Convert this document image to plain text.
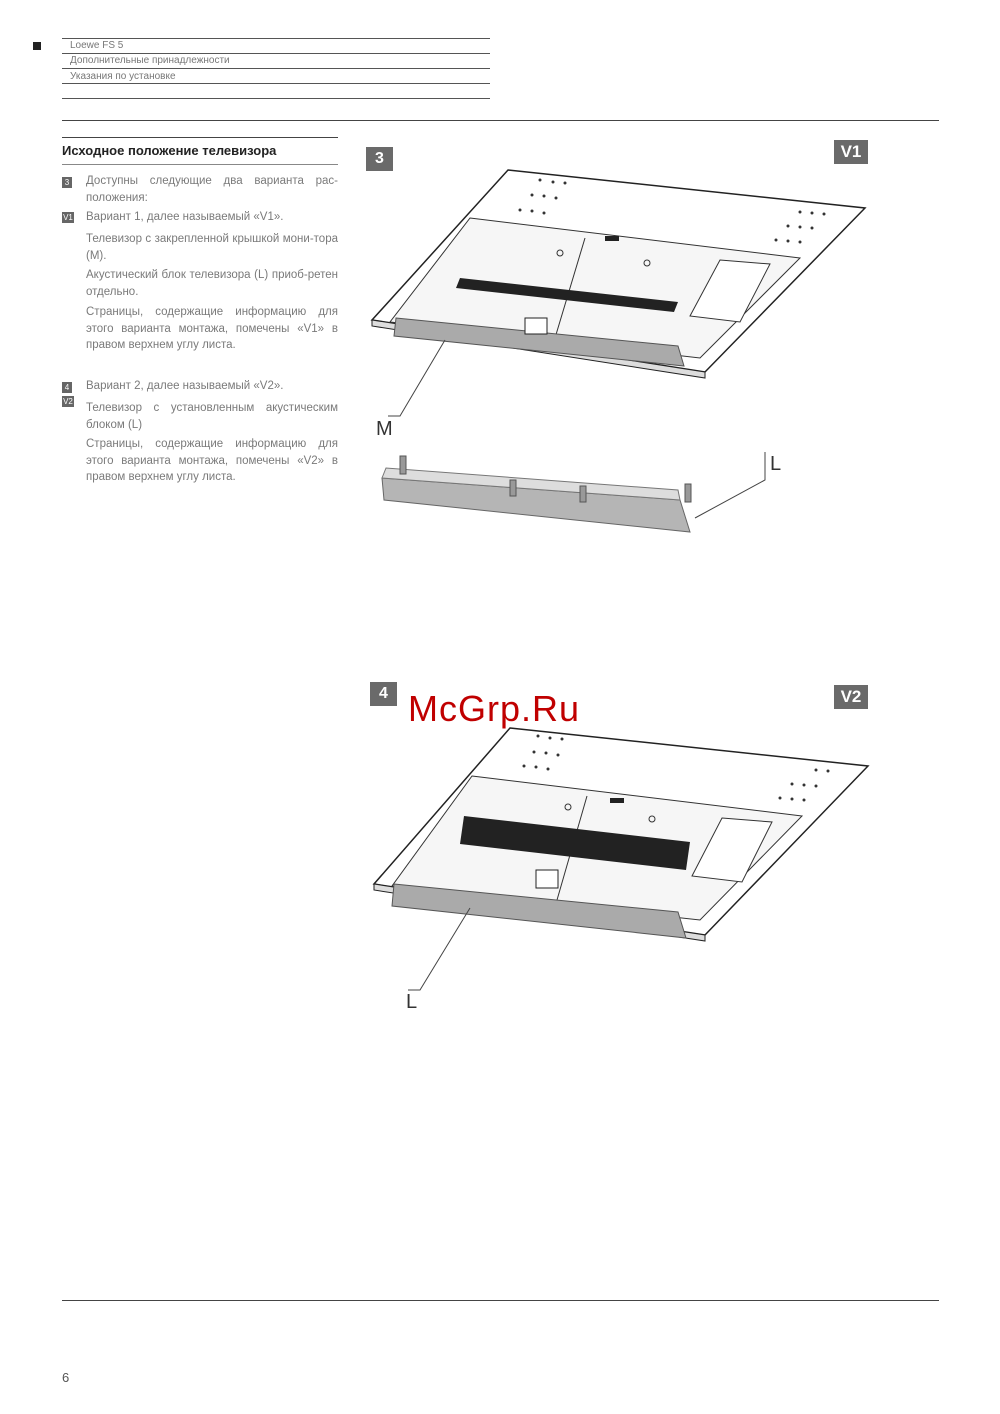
Loewe FS 5
Дополнительные принадлежности
Указания по установке
Исходное положение телевизора
3 Доступны следующие два варианта рас-положения:
V1 Вариант 1, далее называемый «V1».
Телевизор с закрепленной крышкой мони-тора (M).
Акустический блок телевизора (L) приоб-ретен отдельно.
Страницы, содержащие информацию для этого варианта монтажа, помечены «V1» в правом верхнем углу листа.
4 Вариант 2, далее называемый «V2».
V2
Телевизор с установленным акустическим блоком (L)
Страницы, содержащие информацию для этого варианта монтажа, помечены «V2» в правом верхнем углу листа.
3	V1
M
L
4	V2
L
McGrp.Ru
6
